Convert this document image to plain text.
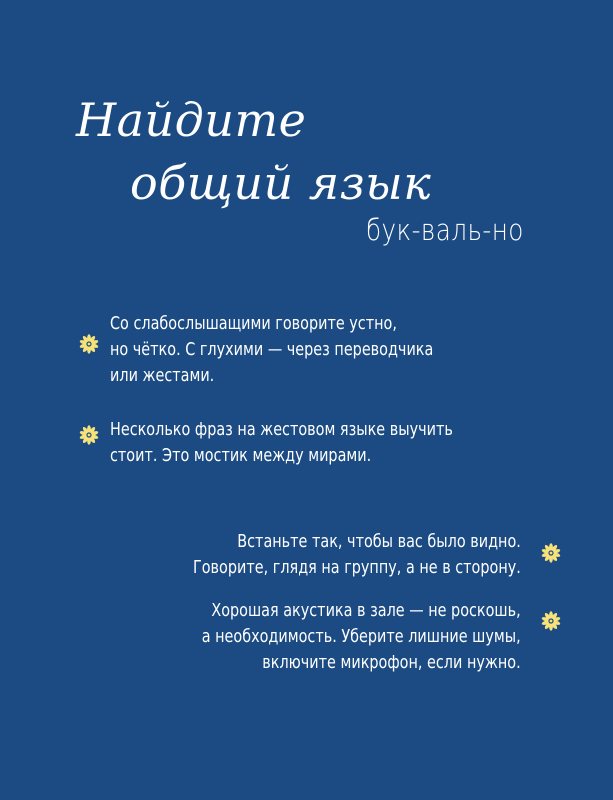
Найдите
общий язык
бук-валь-но
Со слабослышащими говорите устно,
но чётко. С глухими — через переводчика
или жестами.
Несколько фраз на жестовом языке выучить
стоит. Это мостик между мирами.
Встаньте так, чтобы вас было видно.
Говорите, глядя на группу, а не в сторону.
Хорошая акустика в зале — не роскошь,
а необходимость. Уберите лишние шумы,
включите микрофон, если нужно.
